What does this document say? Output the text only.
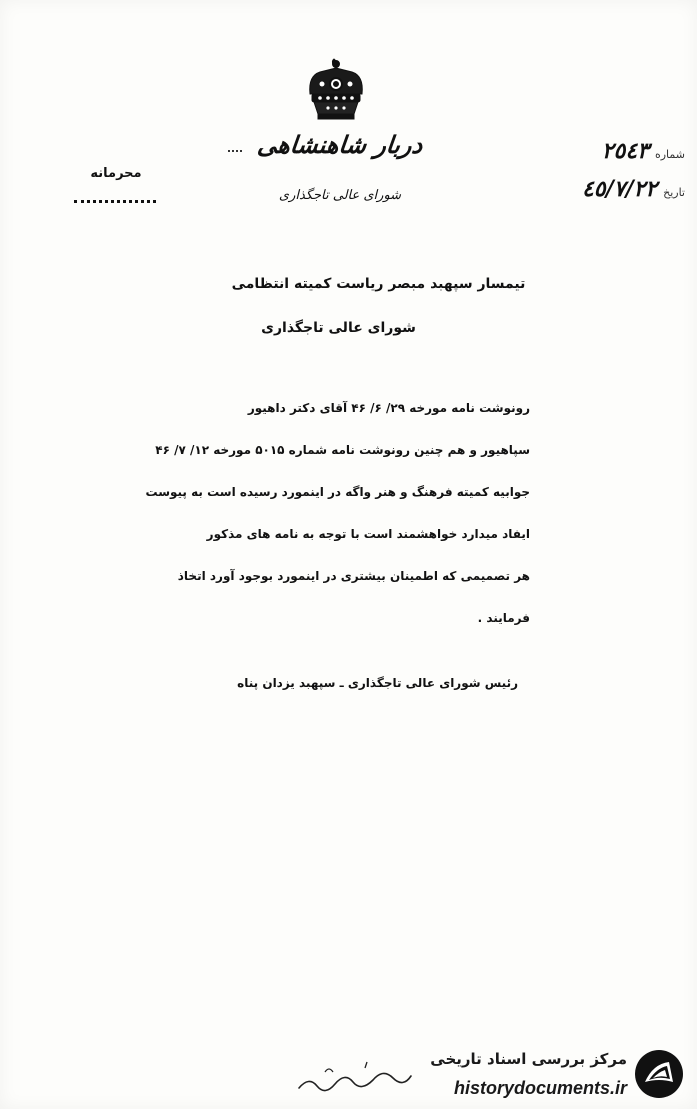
دربار شاهنشاهی
شورای عالی تاجگذاری
محرمانه
شماره
٢٥٤٣
تاریخ
٤٥/٧/٢٢
تیمسار سپهبد مبصر ریاست کمیته انتظامی
شورای عالی تاجگذاری
رونوشت نامه مورخه ۲۹/ ۶/ ۴۶ آقای دکتر داهیور
سپاهیور و هم چنین رونوشت نامه شماره ۵۰۱۵ مورخه ۱۲/ ۷/ ۴۶
جوابیه کمیته فرهنگ و هنر واگه در اینمورد رسیده است به پیوست
ایفاد میدارد خواهشمند است با توجه به نامه های مذکور
هر تصمیمی که اطمینان بیشتری در اینمورد بوجود آورد اتخاذ
فرمایند .
رئیس شورای عالی تاجگذاری ـ سپهبد یزدان پناه
مرکز بررسی اسناد تاریخی
historydocuments.ir
